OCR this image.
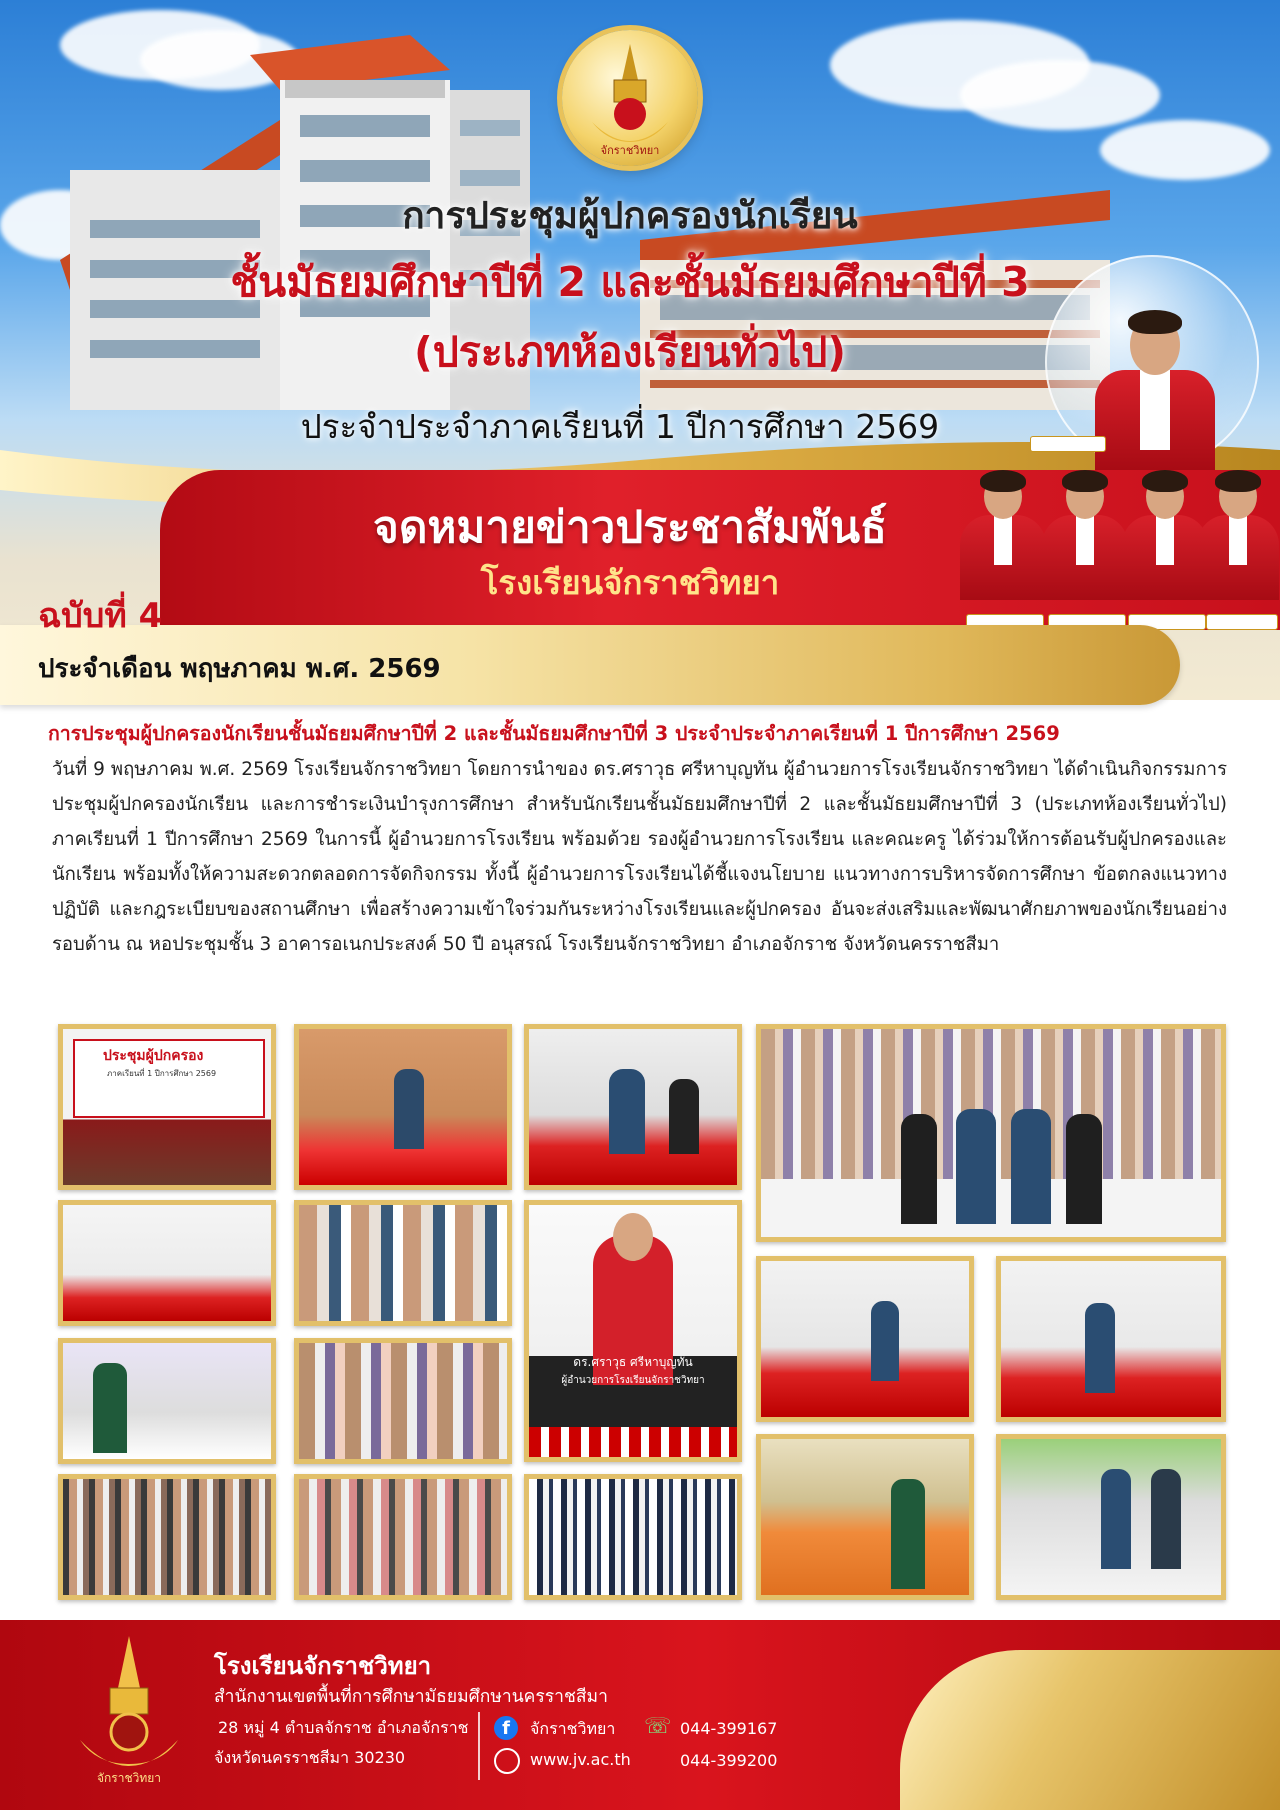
จักราชวิทยา
การประชุมผู้ปกครองนักเรียน
ชั้นมัธยมศึกษาปีที่ 2 และชั้นมัธยมศึกษาปีที่ 3
(ประเภทห้องเรียนทั่วไป)
ประจำประจำภาคเรียนที่ 1 ปีการศึกษา 2569
จดหมายข่าวประชาสัมพันธ์
โรงเรียนจักราชวิทยา
ฉบับที่ 4
ประจำเดือน พฤษภาคม พ.ศ. 2569
การประชุมผู้ปกครองนักเรียนชั้นมัธยมศึกษาปีที่ 2 และชั้นมัธยมศึกษาปีที่ 3 ประจำประจำภาคเรียนที่ 1 ปีการศึกษา 2569

วันที่ 9 พฤษภาคม พ.ศ. 2569 โรงเรียนจักราชวิทยา โดยการนำของ ดร.ศราวุธ ศรีหาบุญทัน ผู้อำนวยการโรงเรียนจักราชวิทยา ได้ดำเนินกิจกรรมการประชุมผู้ปกครองนักเรียน และการชำระเงินบำรุงการศึกษา สำหรับนักเรียนชั้นมัธยมศึกษาปีที่ 2 และชั้นมัธยมศึกษาปีที่ 3 (ประเภทห้องเรียนทั่วไป) ภาคเรียนที่ 1 ปีการศึกษา 2569 ในการนี้ ผู้อำนวยการโรงเรียน พร้อมด้วย รองผู้อำนวยการโรงเรียน และคณะครู ได้ร่วมให้การต้อนรับผู้ปกครองและนักเรียน พร้อมทั้งให้ความสะดวกตลอดการจัดกิจกรรม ทั้งนี้ ผู้อำนวยการโรงเรียนได้ชี้แจงนโยบาย แนวทางการบริหารจัดการศึกษา ข้อตกลงแนวทางปฏิบัติ และกฎระเบียบของสถานศึกษา เพื่อสร้างความเข้าใจร่วมกันระหว่างโรงเรียนและผู้ปกครอง อันจะส่งเสริมและพัฒนาศักยภาพของนักเรียนอย่างรอบด้าน ณ หอประชุมชั้น 3 อาคารอเนกประสงค์ 50 ปี อนุสรณ์ โรงเรียนจักราชวิทยา อำเภอจักราช จังหวัดนครราชสีมา

ประชุมผู้ปกครอง
ภาคเรียนที่ 1 ปีการศึกษา 2569
ดร.ศราวุธ ศรีหาบุญทัน
ผู้อำนวยการโรงเรียนจักราชวิทยา
จักราชวิทยา
โรงเรียนจักราชวิทยา
สำนักงานเขตพื้นที่การศึกษามัธยมศึกษานครราชสีมา
28 หมู่ 4 ตำบลจักราช อำเภอจักราช
จังหวัดนครราชสีมา 30230
f	จักราชวิทยา
www.jv.ac.th
☏ 044-399167
044-399200
